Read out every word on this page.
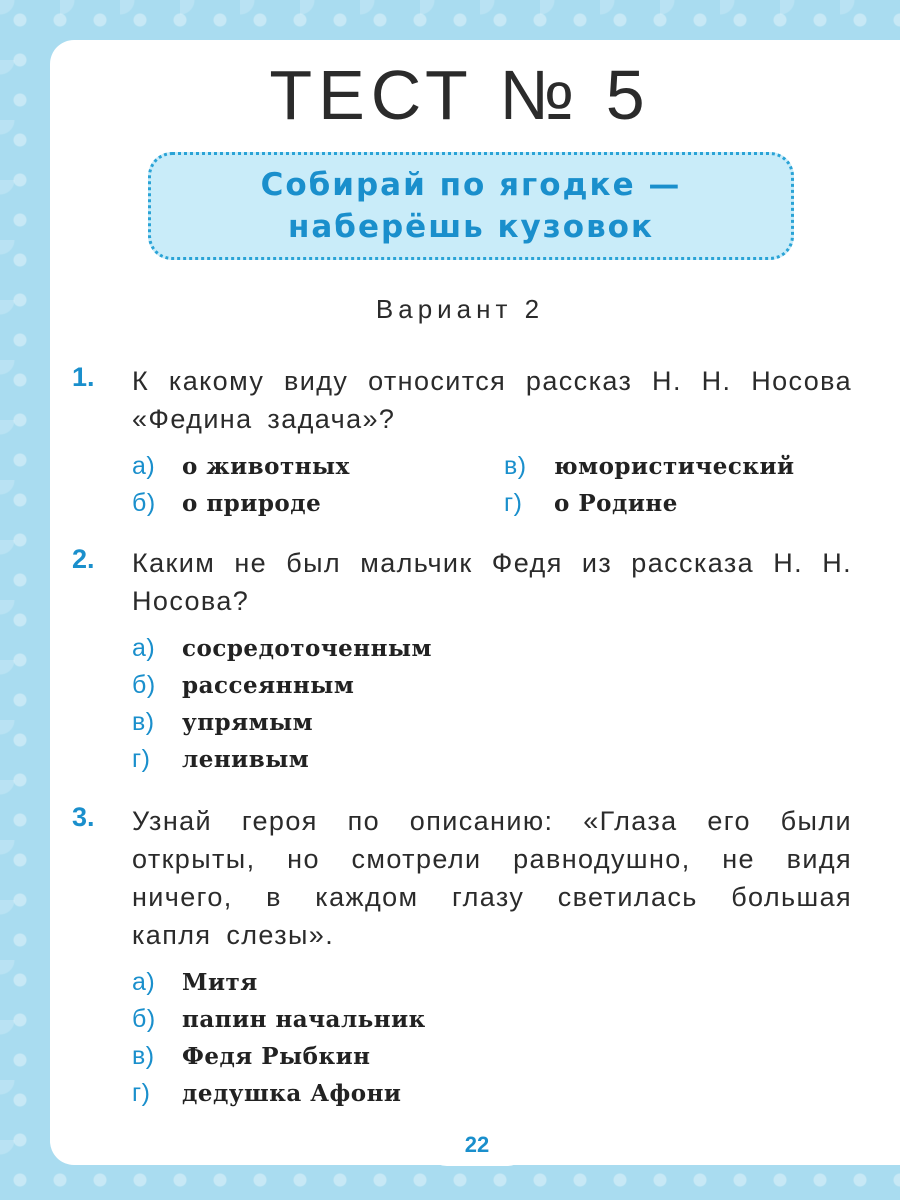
ТЕСТ № 5
Собирай по ягодке —
наберёшь кузовок
Вариант 2
1. К какому виду относится рассказ Н. Н. Носова «Федина задача»?
а) о животных	в) юмористический
б) о природе	г) о Родине
2. Каким не был мальчик Федя из рассказа Н. Н. Носова?
а) сосредоточенным
б) рассеянным
в) упрямым
г) ленивым
3. Узнай героя по описанию: «Глаза его были открыты, но смотрели равнодушно, не видя ничего, в каждом глазу светилась большая капля слезы».
а) Митя
б) папин начальник
в) Федя Рыбкин
г) дедушка Афони
22
